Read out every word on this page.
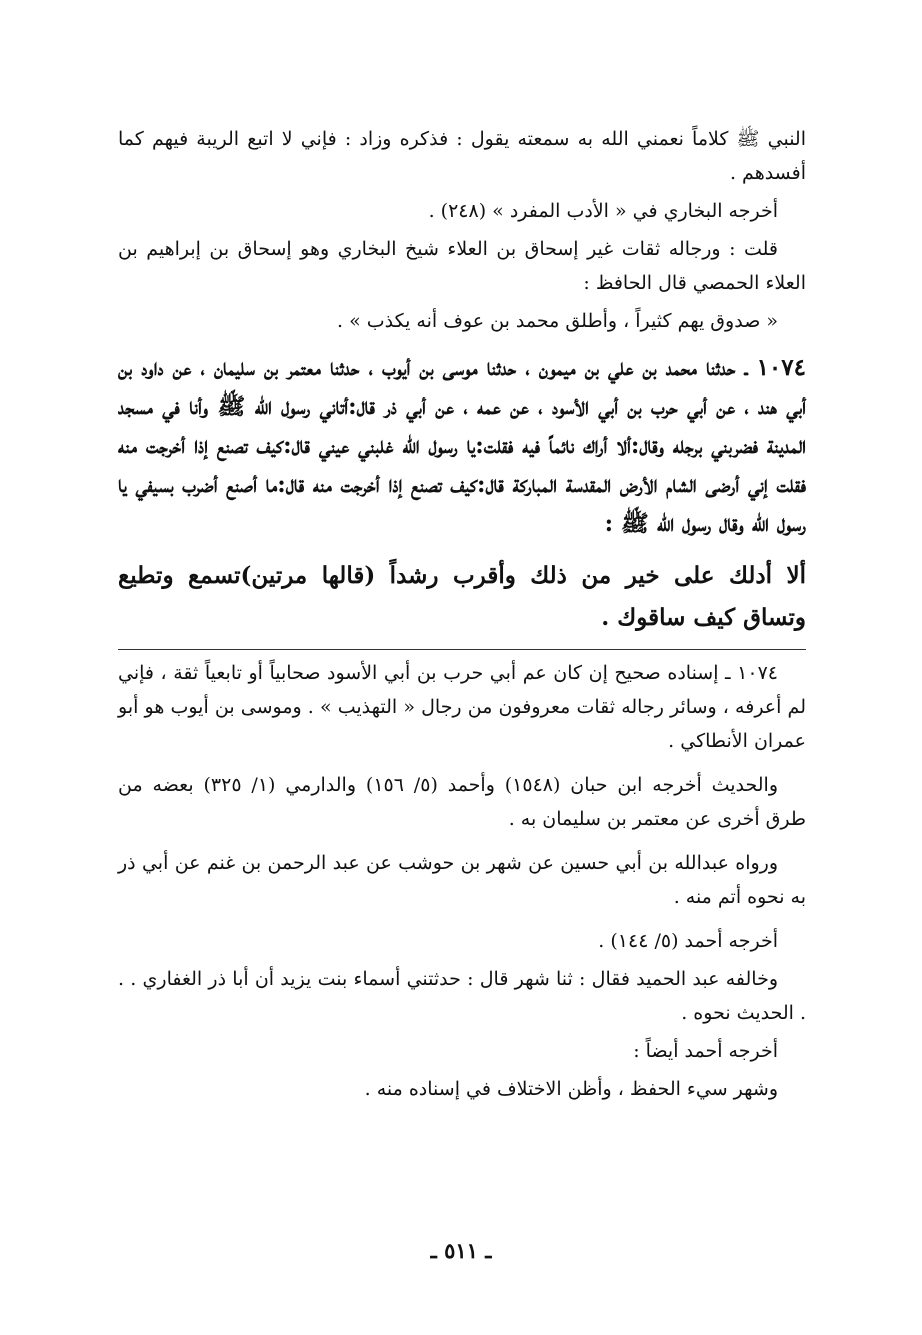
النبي ﷺ كلاماً نعمني الله به سمعته يقول : فذكره وزاد : فإني لا اتبع الريبة فيهم كما أفسدهم .

أخرجه البخاري في « الأدب المفرد » (٢٤٨) .

قلت : ورجاله ثقات غير إسحاق بن العلاء شيخ البخاري وهو إسحاق بن إبراهيم بن العلاء الحمصي قال الحافظ :

« صدوق يهم كثيراً ، وأطلق محمد بن عوف أنه يكذب » .

١٠٧٤ ـ حدثنا محمد بن علي بن ميمون ، حدثنا موسى بن أيوب ، حدثنا معتمر بن سليمان ، عن داود بن أبي هند ، عن أبي حرب بن أبي الأسود ، عن عمه ، عن أبي ذر قال:أتاني رسول الله ﷺ وأنا في مسجد المدينة فضربني برجله وقال:ألا أراك نائماً فيه فقلت:يا رسول الله غلبني عيني قال:كيف تصنع إذا أخرجت منه فقلت إني أرضى الشام الأرض المقدسة المباركة قال:كيف تصنع إذا أخرجت منه قال:ما أصنع أضرب بسيفي يا رسول الله وقال رسول الله ﷺ :

ألا أدلك على خير من ذلك وأقرب رشداً (قالها مرتين)تسمع وتطيع وتساق كيف ساقوك .

١٠٧٤ ـ إسناده صحيح إن كان عم أبي حرب بن أبي الأسود صحابياً أو تابعياً ثقة ، فإني لم أعرفه ، وسائر رجاله ثقات معروفون من رجال « التهذيب » . وموسى بن أيوب هو أبو عمران الأنطاكي .

والحديث أخرجه ابن حبان (١٥٤٨) وأحمد (٥/ ١٥٦) والدارمي (١/ ٣٢٥) بعضه من طرق أخرى عن معتمر بن سليمان به .

ورواه عبدالله بن أبي حسين عن شهر بن حوشب عن عبد الرحمن بن غنم عن أبي ذر به نحوه أتم منه .

أخرجه أحمد (٥/ ١٤٤) .

وخالفه عبد الحميد فقال : ثنا شهر قال : حدثتني أسماء بنت يزيد أن أبا ذر الغفاري . . . الحديث نحوه .

أخرجه أحمد أيضاً :

وشهر سيء الحفظ ، وأظن الاختلاف في إسناده منه .

ـ ٥١١ ـ
